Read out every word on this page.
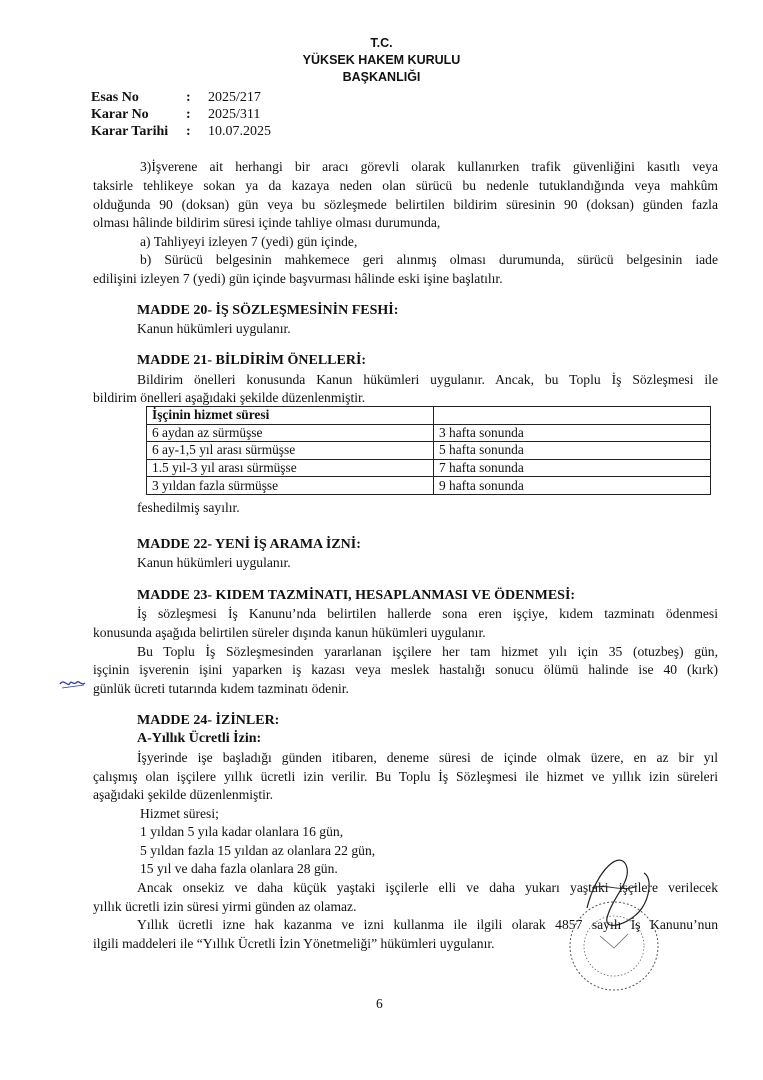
T.C.
YÜKSEK HAKEM KURULU
BAŞKANLIĞI
Esas No	:	2025/217
Karar No	:	2025/311
Karar Tarihi	:	10.07.2025
3)İşverene ait herhangi bir aracı görevli olarak kullanırken trafik güvenliğini kasıtlı veya
taksirle tehlikeye sokan ya da kazaya neden olan sürücü bu nedenle tutuklandığında veya mahkûm
olduğunda 90 (doksan) gün veya bu sözleşmede belirtilen bildirim süresinin 90 (doksan) günden fazla
olması hâlinde bildirim süresi içinde tahliye olması durumunda,
a) Tahliyeyi izleyen 7 (yedi) gün içinde,
b) Sürücü belgesinin mahkemece geri alınmış olması durumunda, sürücü belgesinin iade
edilişini izleyen 7 (yedi) gün içinde başvurması hâlinde eski işine başlatılır.
MADDE 20- İŞ SÖZLEŞMESİNİN FESHİ:
Kanun hükümleri uygulanır.
MADDE 21- BİLDİRİM ÖNELLERİ:
Bildirim önelleri konusunda Kanun hükümleri uygulanır. Ancak, bu Toplu İş Sözleşmesi ile
bildirim önelleri aşağıdaki şekilde düzenlenmiştir.
İşçinin hizmet süresi	
6 aydan az sürmüşse	3 hafta sonunda
6 ay-1,5 yıl arası sürmüşse	5 hafta sonunda
1.5 yıl-3 yıl arası sürmüşse	7 hafta sonunda
3 yıldan fazla sürmüşse	9 hafta sonunda
feshedilmiş sayılır.
MADDE 22- YENİ İŞ ARAMA İZNİ:
Kanun hükümleri uygulanır.
MADDE 23- KIDEM TAZMİNATI, HESAPLANMASI VE ÖDENMESİ:
İş sözleşmesi İş Kanunu’nda belirtilen hallerde sona eren işçiye, kıdem tazminatı ödenmesi
konusunda aşağıda belirtilen süreler dışında kanun hükümleri uygulanır.
Bu Toplu İş Sözleşmesinden yararlanan işçilere her tam hizmet yılı için 35 (otuzbeş) gün,
işçinin işverenin işini yaparken iş kazası veya meslek hastalığı sonucu ölümü halinde ise 40 (kırk)
günlük ücreti tutarında kıdem tazminatı ödenir.
MADDE 24- İZİNLER:
A-Yıllık Ücretli İzin:
İşyerinde işe başladığı günden itibaren, deneme süresi de içinde olmak üzere, en az bir yıl
çalışmış olan işçilere yıllık ücretli izin verilir. Bu Toplu İş Sözleşmesi ile hizmet ve yıllık izin süreleri
aşağıdaki şekilde düzenlenmiştir.
Hizmet süresi;
1 yıldan 5 yıla kadar olanlara 16 gün,
5 yıldan fazla 15 yıldan az olanlara 22 gün,
15 yıl ve daha fazla olanlara 28 gün.
Ancak onsekiz ve daha küçük yaştaki işçilerle elli ve daha yukarı yaştaki işçilere verilecek
yıllık ücretli izin süresi yirmi günden az olamaz.
Yıllık ücretli izne hak kazanma ve izni kullanma ile ilgili olarak 4857 sayılı İş Kanunu’nun
ilgili maddeleri ile “Yıllık Ücretli İzin Yönetmeliği” hükümleri uygulanır.
6
